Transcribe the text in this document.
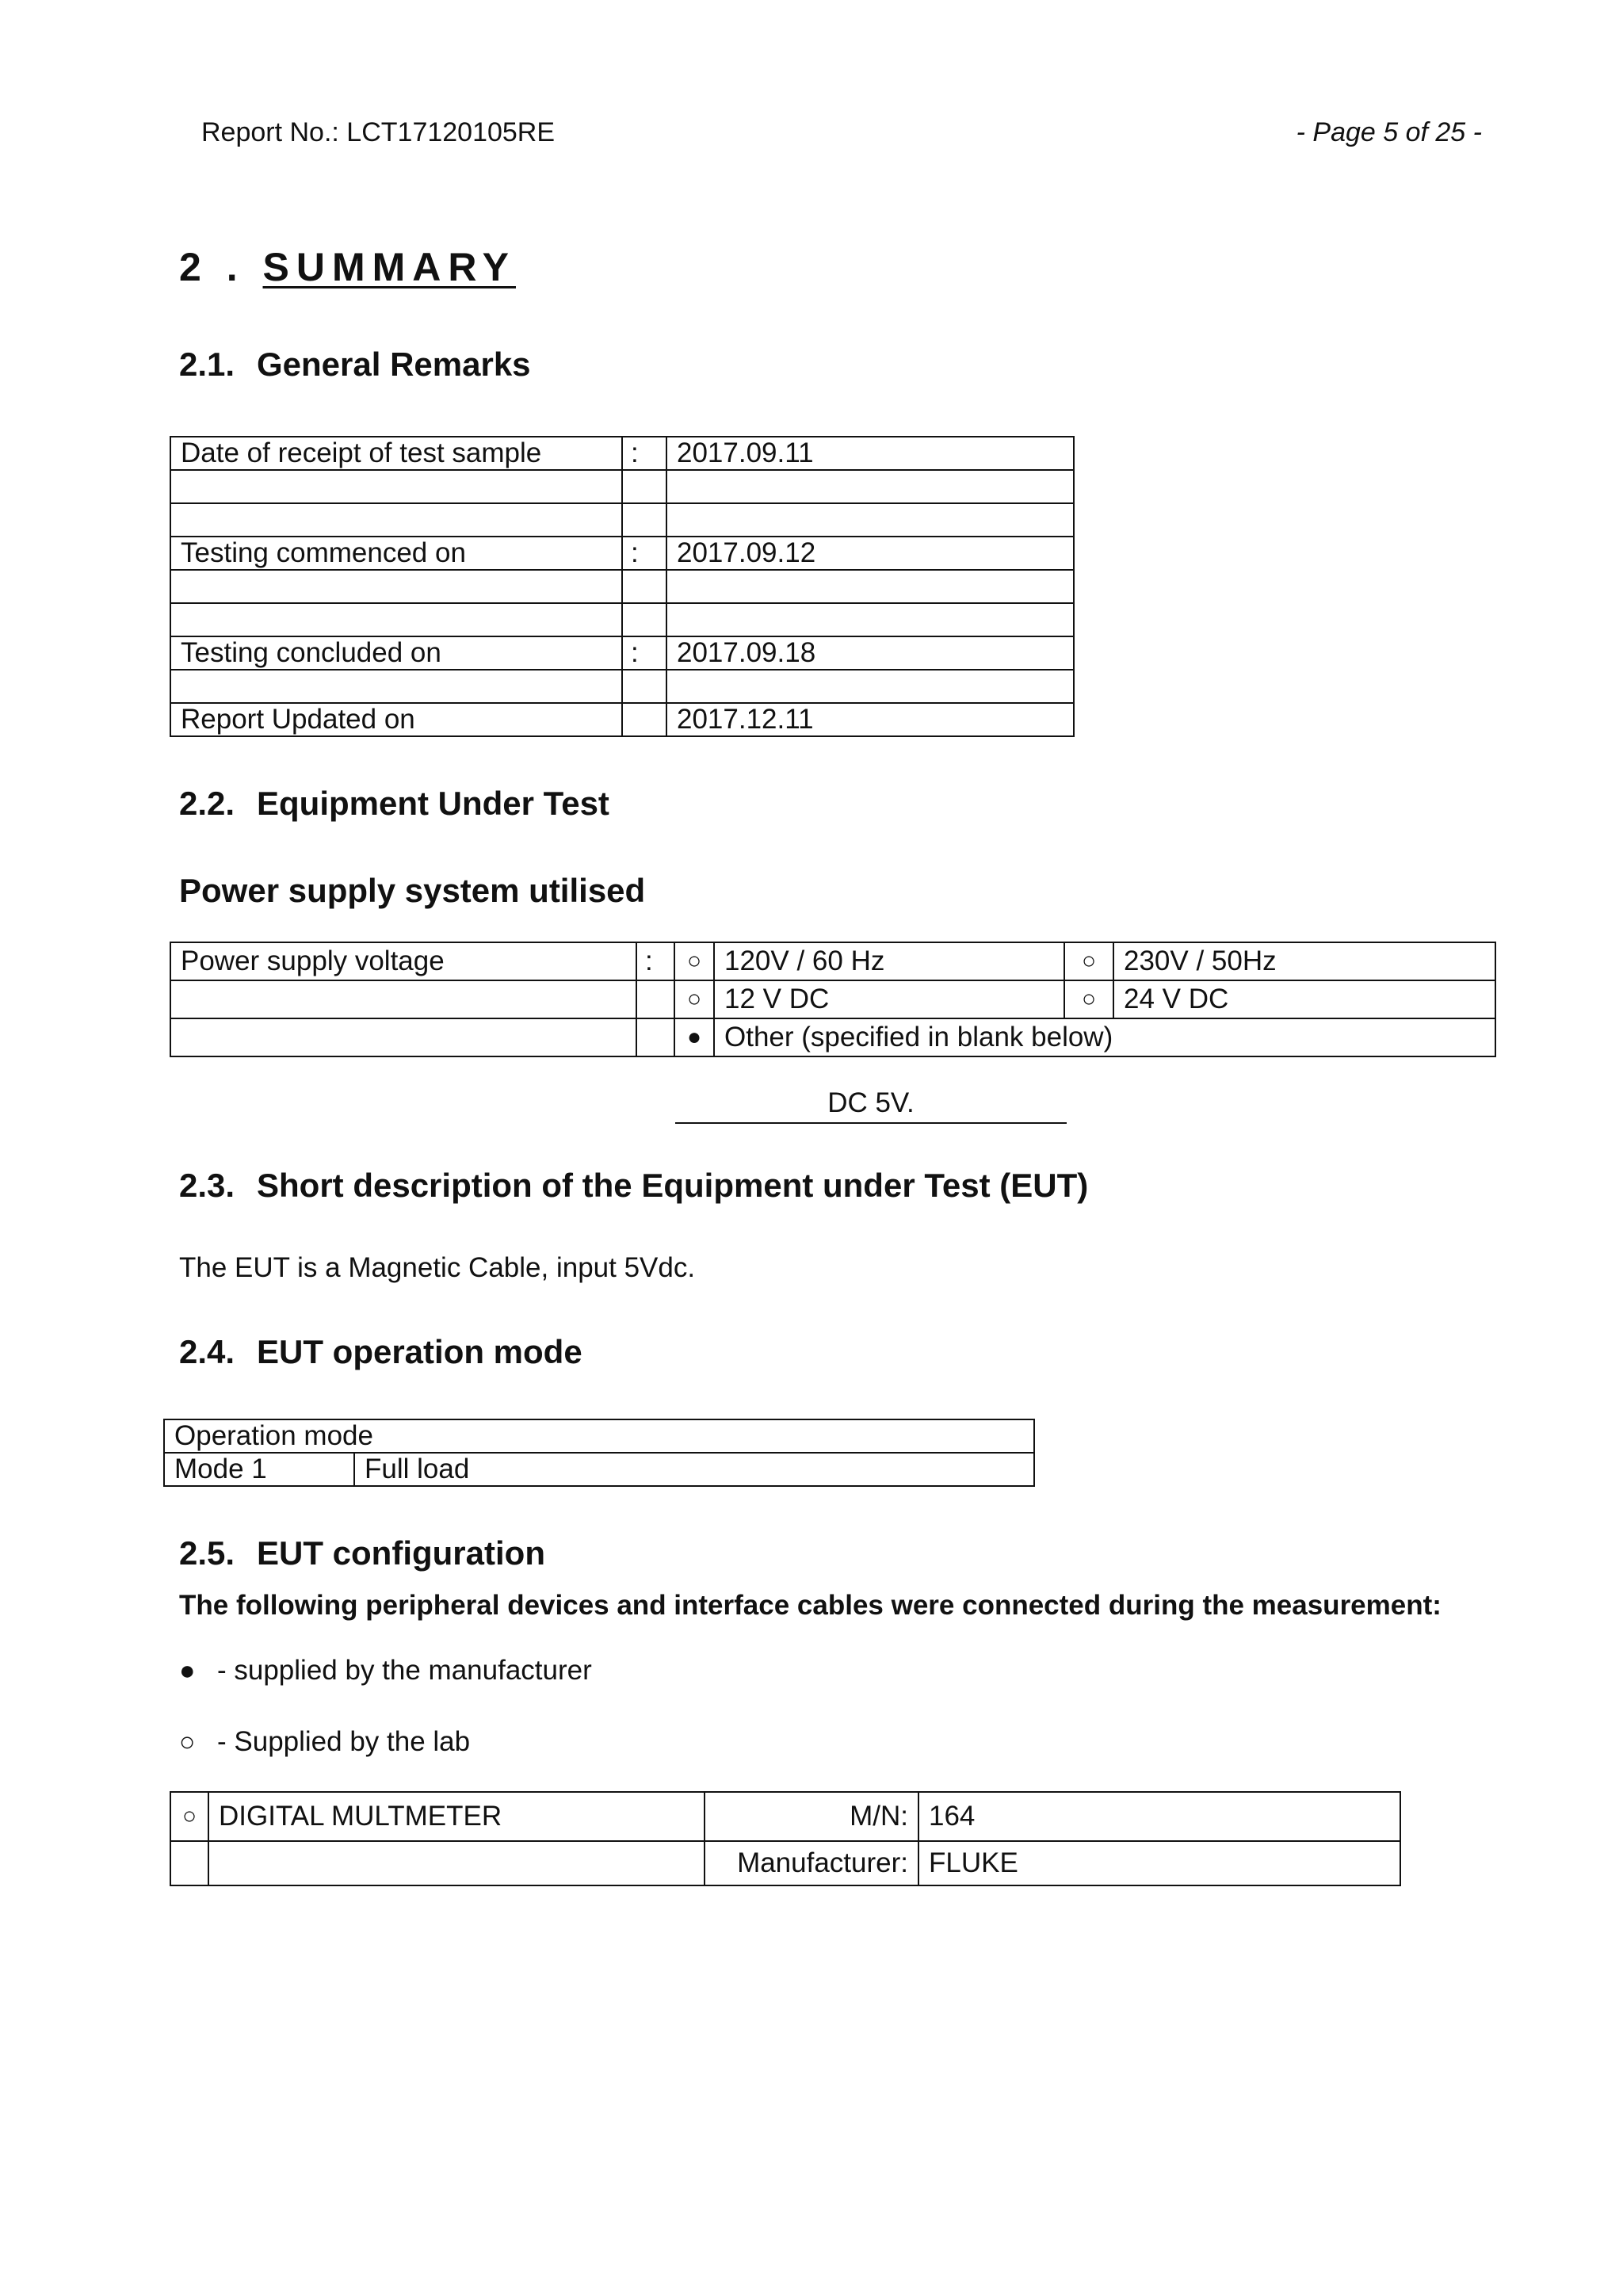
Report No.: LCT17120105RE	- Page 5 of 25 -
2 . SUMMARY
2.1. General Remarks
Date of receipt of test sample	:	2017.09.11

Testing commenced on	:	2017.09.12

Testing concluded on	:	2017.09.18

Report Updated on		2017.12.11
2.2. Equipment Under Test
Power supply system utilised
Power supply voltage	:	○	120V / 60 Hz	○	230V / 50Hz
		○	12 V DC	○	24 V DC
		●	Other (specified in blank below)		
DC 5V.
2.3. Short description of the Equipment under Test (EUT)
The EUT is a Magnetic Cable, input 5Vdc.
2.4. EUT operation mode
Operation mode
Mode 1	Full load
2.5. EUT configuration
The following peripheral devices and interface cables were connected during the measurement:
● - supplied by the manufacturer
○ - Supplied by the lab
○	DIGITAL MULTMETER	M/N:	164
		Manufacturer:	FLUKE
